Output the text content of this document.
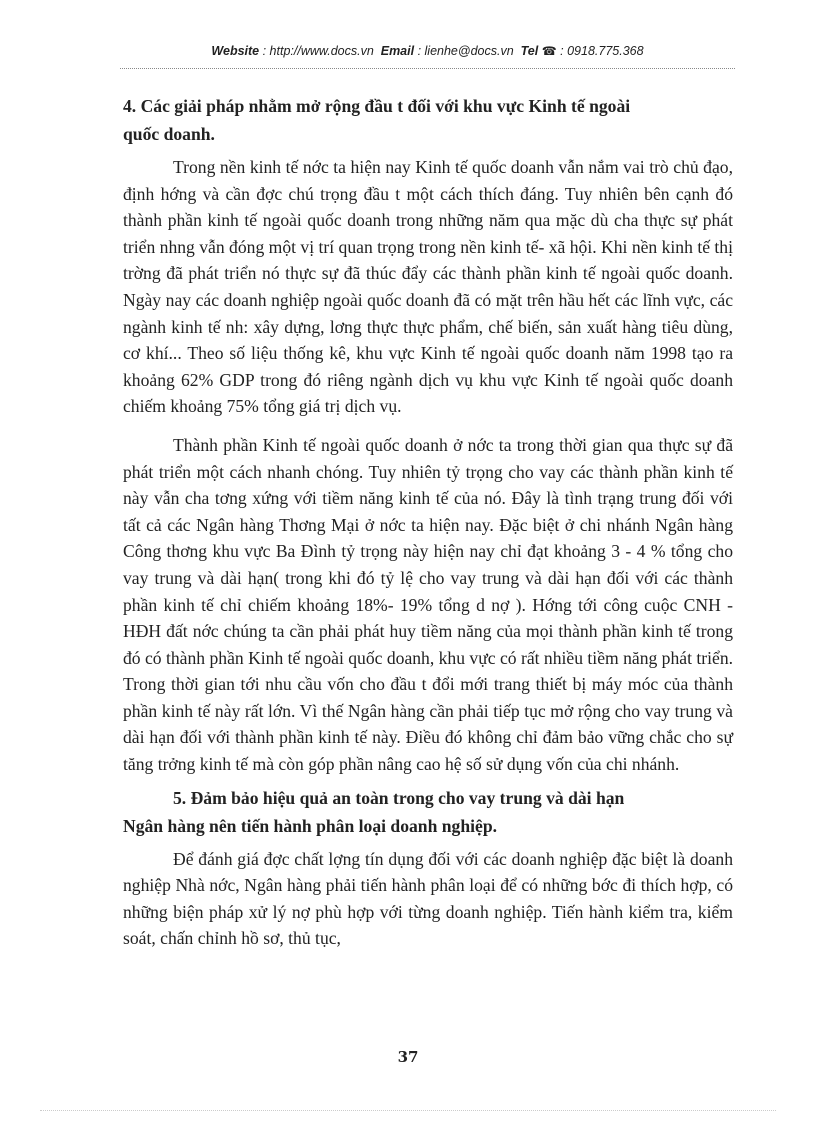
Website : http://www.docs.vn Email : lienhe@docs.vn Tel ☎ : 0918.775.368

4. Các giải pháp nhằm mở rộng đầu t đối với khu vực Kinh tế ngoài
quốc doanh.

Trong nền kinh tế nớc ta hiện nay Kinh tế quốc doanh vẫn nắm vai trò chủ đạo, định hớng và cần đợc chú trọng đầu t một cách thích đáng. Tuy nhiên bên cạnh đó thành phần kinh tế ngoài quốc doanh trong những năm qua mặc dù cha thực sự phát triển nhng vẫn đóng một vị trí quan trọng trong nền kinh tế- xã hội. Khi nền kinh tế thị trờng đã phát triển nó thực sự đã thúc đẩy các thành phần kinh tế ngoài quốc doanh. Ngày nay các doanh nghiệp ngoài quốc doanh đã có mặt trên hầu hết các lĩnh vực, các ngành kinh tế nh: xây dựng, lơng thực thực phẩm, chế biến, sản xuất hàng tiêu dùng, cơ khí... Theo số liệu thống kê, khu vực Kinh tế ngoài quốc doanh năm 1998 tạo ra khoảng 62% GDP trong đó riêng ngành dịch vụ khu vực Kinh tế ngoài quốc doanh chiếm khoảng 75% tổng giá trị dịch vụ.

Thành phần Kinh tế ngoài quốc doanh ở nớc ta trong thời gian qua thực sự đã phát triển một cách nhanh chóng. Tuy nhiên tỷ trọng cho vay các thành phần kinh tế này vẫn cha tơng xứng với tiềm năng kinh tế của nó. Đây là tình trạng trung đối với tất cả các Ngân hàng Thơng Mại ở nớc ta hiện nay. Đặc biệt ở chi nhánh Ngân hàng Công thơng khu vực Ba Đình tỷ trọng này hiện nay chỉ đạt khoảng 3 - 4 % tổng cho vay trung và dài hạn( trong khi đó tỷ lệ cho vay trung và dài hạn đối với các thành phần kinh tế chỉ chiếm khoảng 18%- 19% tổng d nợ ). Hớng tới công cuộc CNH - HĐH đất nớc chúng ta cần phải phát huy tiềm năng của mọi thành phần kinh tế trong đó có thành phần Kinh tế ngoài quốc doanh, khu vực có rất nhiều tiềm năng phát triển. Trong thời gian tới nhu cầu vốn cho đầu t đổi mới trang thiết bị máy móc của thành phần kinh tế này rất lớn. Vì thế Ngân hàng cần phải tiếp tục mở rộng cho vay trung và dài hạn đối với thành phần kinh tế này. Điều đó không chỉ đảm bảo vững chắc cho sự tăng trởng kinh tế mà còn góp phần nâng cao hệ số sử dụng vốn của chi nhánh.

5. Đảm bảo hiệu quả an toàn trong cho vay trung và dài hạn
Ngân hàng nên tiến hành phân loại doanh nghiệp.

Để đánh giá đợc chất lợng tín dụng đối với các doanh nghiệp đặc biệt là doanh nghiệp Nhà nớc, Ngân hàng phải tiến hành phân loại để có những bớc đi thích hợp, có những biện pháp xử lý nợ phù hợp với từng doanh nghiệp. Tiến hành kiểm tra, kiểm soát, chấn chỉnh hồ sơ, thủ tục,

37
